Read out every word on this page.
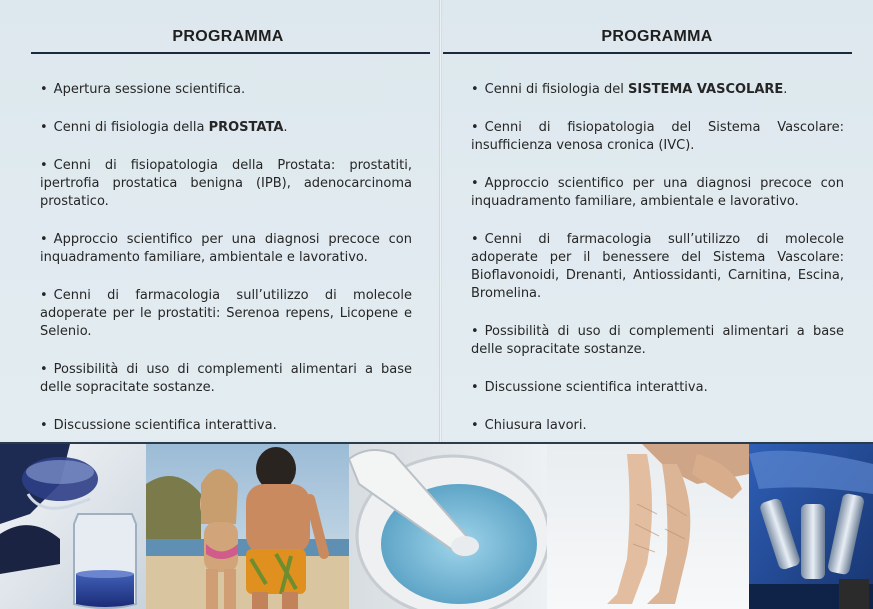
PROGRAMMA
• Apertura sessione scientifica.
• Cenni di fisiologia della PROSTATA.
• Cenni di fisiopatologia della Prostata: prostatiti, ipertrofia prostatica benigna (IPB), adenocarcinoma prostatico.
• Approccio scientifico per una diagnosi precoce con inquadramento familiare, ambientale e lavorativo.
• Cenni di farmacologia sull’utilizzo di molecole adoperate per le prostatiti: Serenoa repens, Licopene e Selenio.
• Possibilità di uso di complementi alimentari a base delle sopracitate sostanze.
• Discussione scientifica interattiva.
PROGRAMMA
• Cenni di fisiologia del SISTEMA VASCOLARE.
• Cenni di fisiopatologia del Sistema Vascolare: insufficienza venosa cronica (IVC).
• Approccio scientifico per una diagnosi precoce con inquadramento familiare, ambientale e lavorativo.
• Cenni di farmacologia sull’utilizzo di molecole adoperate per il benessere del Sistema Vascolare: Bioflavonoidi, Drenanti, Antiossidanti, Carnitina, Escina, Bromelina.
• Possibilità di uso di complementi alimentari a base delle sopracitate sostanze.
• Discussione scientifica interattiva.
• Chiusura lavori.
